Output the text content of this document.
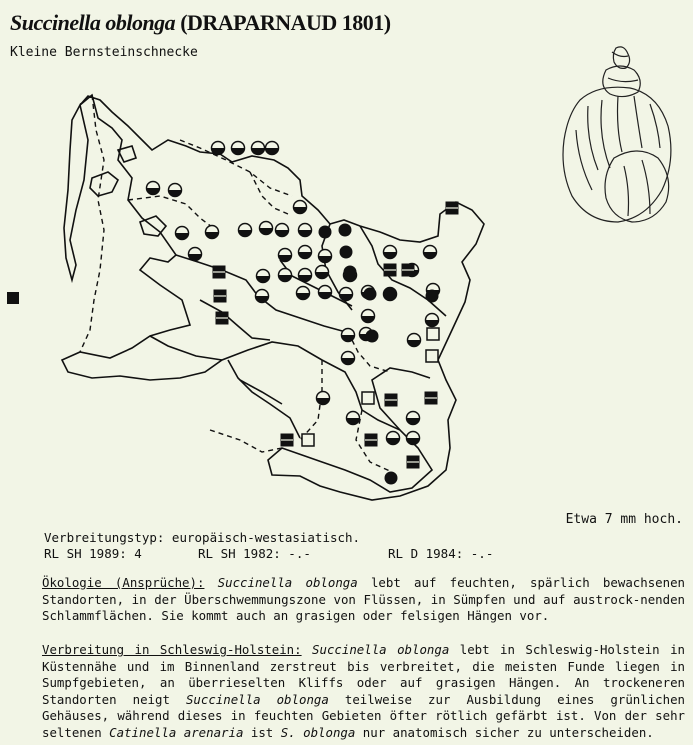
Succinella oblonga (DRAPARNAUD 1801)
Kleine Bernsteinschnecke
Etwa 7 mm hoch.
Verbreitungstyp: europäisch-westasiatisch.
RL SH 1989: 4	RL SH 1982: -.-	RL D 1984: -.-

Ökologie (Ansprüche): Succinella oblonga lebt auf feuchten, spärlich bewachsenen Standorten, in der Überschwemmungszone von Flüssen, in Sümpfen und auf austrock-nenden Schlammflächen. Sie kommt auch an grasigen oder felsigen Hängen vor.

Verbreitung in Schleswig-Holstein: Succinella oblonga lebt in Schleswig-Holstein in Küstennähe und im Binnenland zerstreut bis verbreitet, die meisten Funde liegen in Sumpfgebieten, an überrieselten Kliffs oder auf grasigen Hängen. An trockeneren Standorten neigt Succinella oblonga teilweise zur Ausbildung eines grünlichen Gehäuses, während dieses in feuchten Gebieten öfter rötlich gefärbt ist. Von der sehr seltenen Catinella arenaria ist S. oblonga nur anatomisch sicher zu unterscheiden.
